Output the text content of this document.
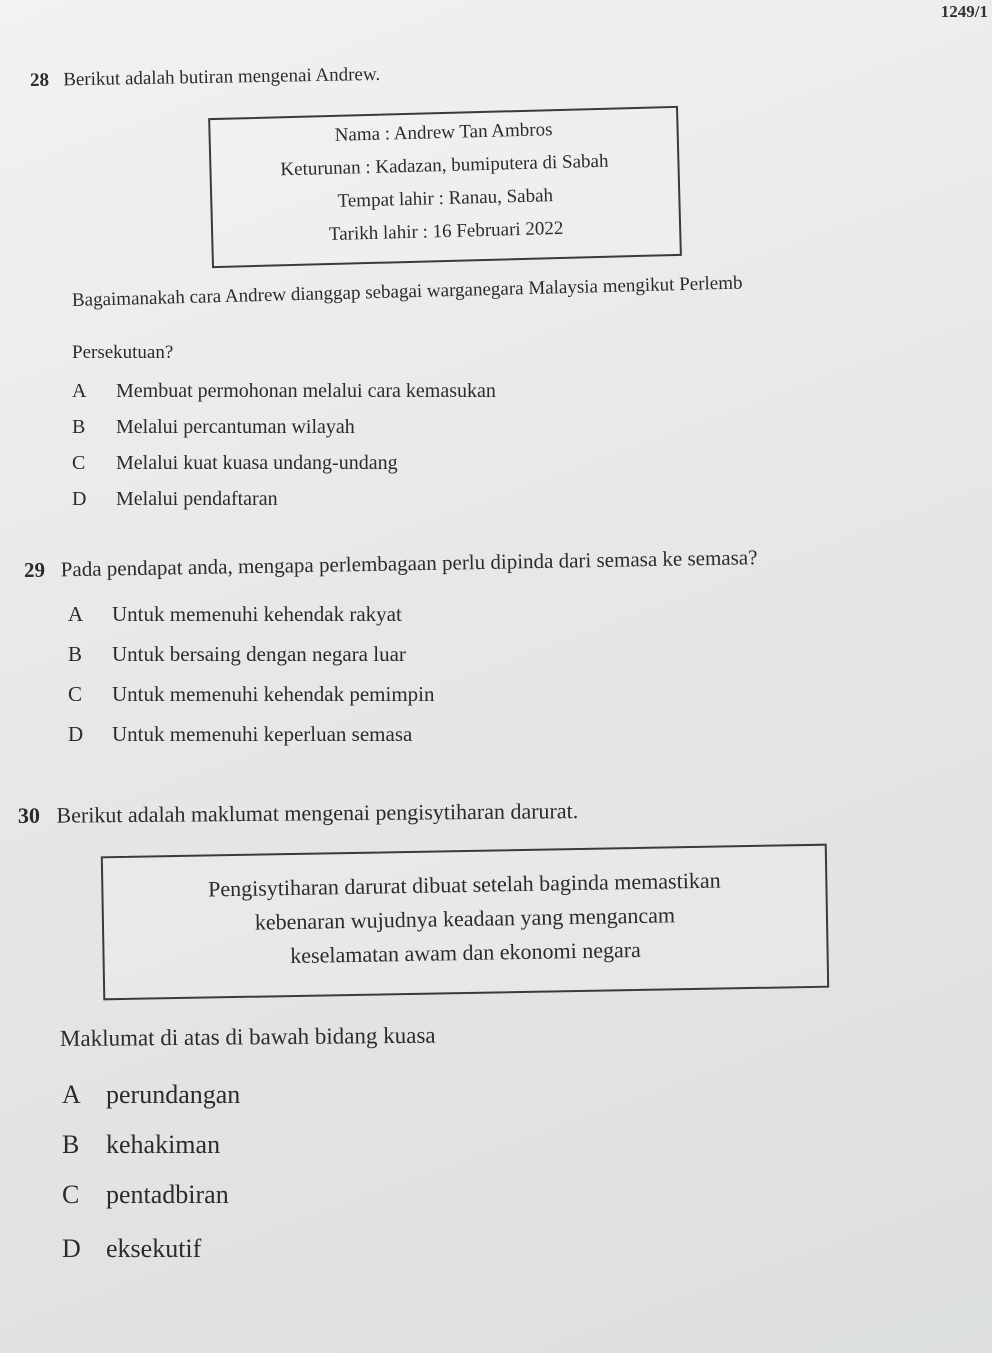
1249/1
28 Berikut adalah butiran mengenai Andrew.
Nama : Andrew Tan Ambros
Keturunan : Kadazan, bumiputera di Sabah
Tempat lahir : Ranau, Sabah
Tarikh lahir : 16 Februari 2022
Bagaimanakah cara Andrew dianggap sebagai warganegara Malaysia mengikut Perlemb
Persekutuan?
A Membuat permohonan melalui cara kemasukan
B Melalui percantuman wilayah
C Melalui kuat kuasa undang-undang
D Melalui pendaftaran
29 Pada pendapat anda, mengapa perlembagaan perlu dipinda dari semasa ke semasa?
A Untuk memenuhi kehendak rakyat
B Untuk bersaing dengan negara luar
C Untuk memenuhi kehendak pemimpin
D Untuk memenuhi keperluan semasa
30 Berikut adalah maklumat mengenai pengisytiharan darurat.
Pengisytiharan darurat dibuat setelah baginda memastikan
kebenaran wujudnya keadaan yang mengancam
keselamatan awam dan ekonomi negara
Maklumat di atas di bawah bidang kuasa
A perundangan
B kehakiman
C pentadbiran
D eksekutif
